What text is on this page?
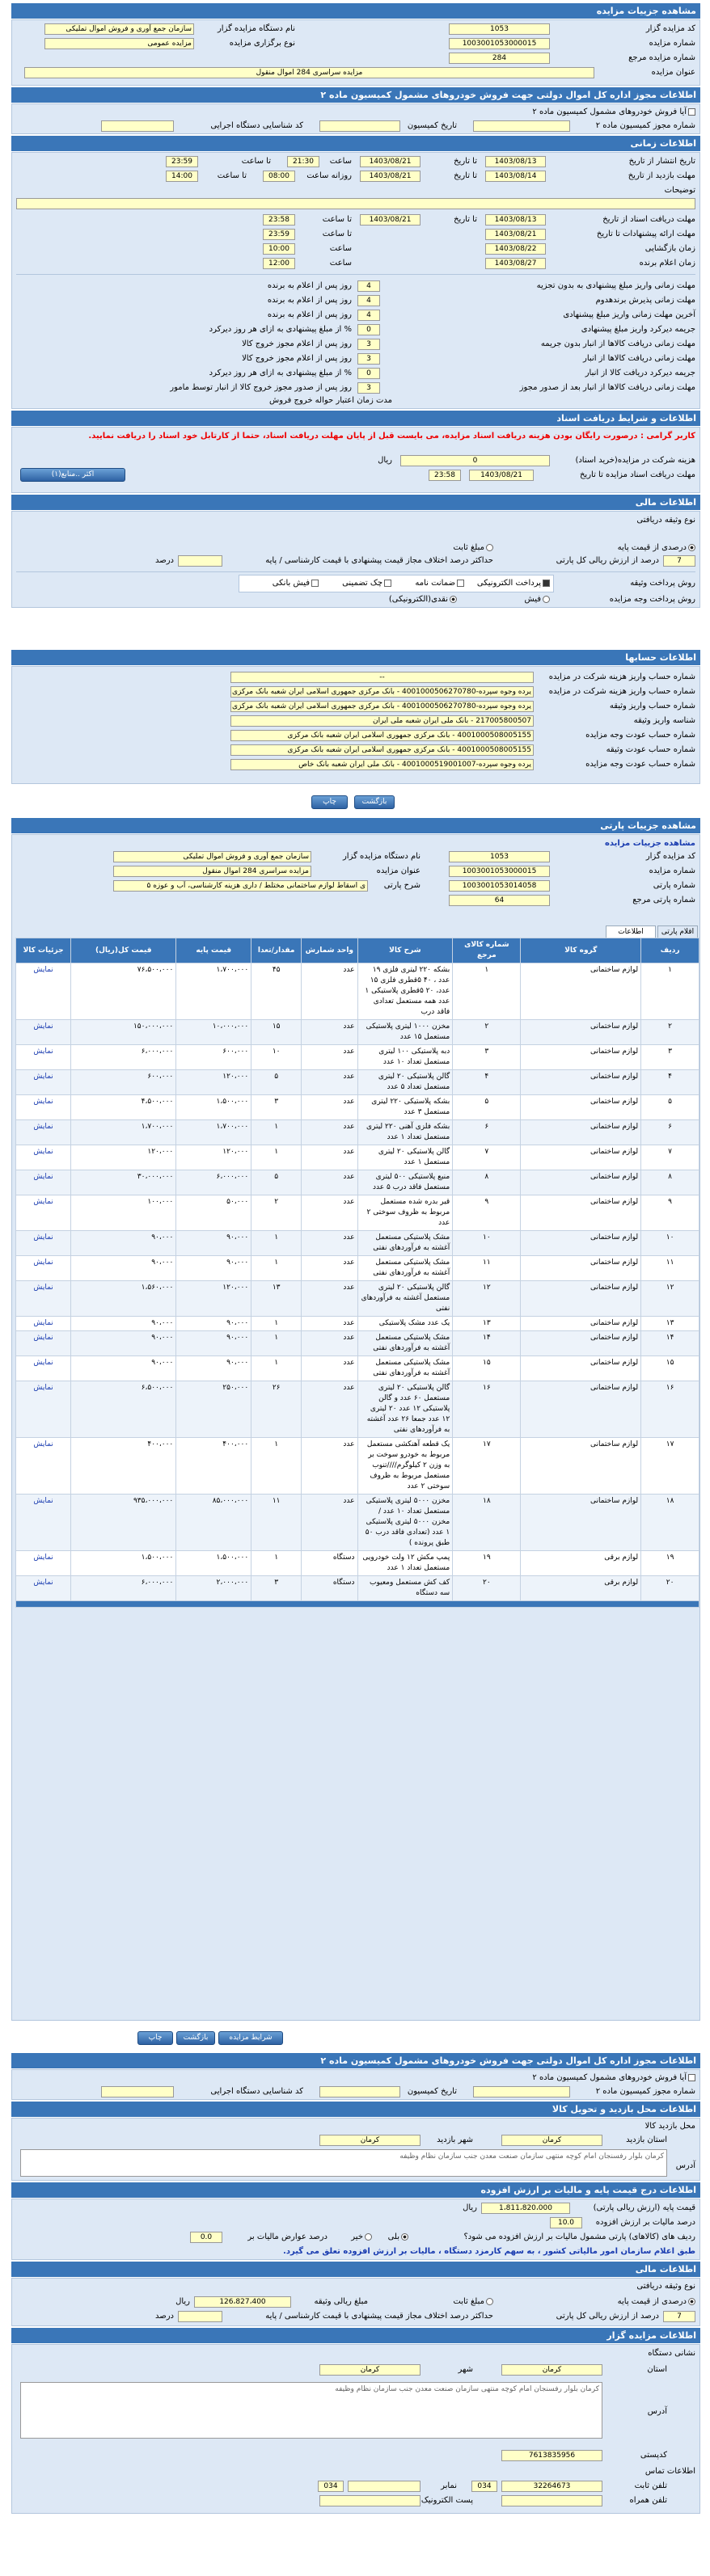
مشاهده جزییات مزایده
کد مزایده گزار
1053
نام دستگاه مزایده گزار
سازمان جمع آوری و فروش اموال تملیکی
شماره مزایده
1003001053000015
نوع برگزاری مزایده
مزایده عمومی
شماره مزایده مرجع
284
عنوان مزایده
مزایده سراسری 284 اموال منقول
اطلاعات مجوز اداره کل اموال دولتی جهت فروش خودروهای مشمول کمیسیون ماده ۲
آیا فروش خودروهای مشمول کمیسیون ماده ۲
شماره مجوز کمیسیون ماده ۲
تاریخ کمیسیون
کد شناسایی دستگاه اجرایی
اطلاعات زمانی
تاریخ انتشار از تاریخ
1403/08/13
تا تاریخ
1403/08/21
ساعت
21:30
تا ساعت
23:59
مهلت بازدید از تاریخ
1403/08/14
تا تاریخ
1403/08/21
روزانه ساعت
08:00
تا ساعت
14:00
توضیحات
مهلت دریافت اسناد از تاریخ
1403/08/13
تا تاریخ
1403/08/21
تا ساعت
23:58
مهلت ارائه پیشنهادات تا تاریخ
1403/08/21
تا ساعت
23:59
زمان بازگشایی
1403/08/22
ساعت
10:00
زمان اعلام برنده
1403/08/27
ساعت
12:00
مهلت زمانی واریز مبلغ پیشنهادی به بدون تجزیه
4
روز پس از اعلام به برنده
مهلت زمانی پذیرش برندهدوم
4
روز پس از اعلام به برنده
آخرین مهلت زمانی واریز مبلغ پیشنهادی
4
روز پس از اعلام به برنده
جریمه دیرکرد واریز مبلغ پیشنهادی
0
% از مبلغ پیشنهادی به ازای هر روز دیرکرد
مهلت زمانی دریافت کالاها از انبار بدون جریمه
3
روز پس از اعلام مجوز خروج کالا
مهلت زمانی دریافت کالاها از انبار
3
روز پس از اعلام مجوز خروج کالا
جریمه دیرکرد دریافت کالا از انبار
0
% از مبلغ پیشنهادی به ازای هر روز دیرکرد
مهلت زمانی دریافت کالاها از انبار بعد از صدور مجوز
3
روز پس از صدور مجوز خروج کالا از انبار توسط مامور
مدت زمان اعتبار حواله خروج فروش
اطلاعات و شرایط دریافت اسناد
کاربر گرامی : درصورت رایگان بودن هزینه دریافت اسناد مزایده، می بایست قبل از پایان مهلت دریافت اسناد، حتما از کارتابل خود اسناد را دریافت نمایید.
هزینه شرکت در مزایده(خرید اسناد)
0
ریال
مهلت دریافت اسناد مزایده تا تاریخ
1403/08/21
23:58
اکثر ..منابع(۱)
اطلاعات مالی
نوع وثیقه دریافتی
درصدی از قیمت پایه
مبلغ ثابت
7
درصد از ارزش ریالی کل پارتی
حداکثر درصد اختلاف مجاز قیمت پیشنهادی با قیمت کارشناسی / پایه
درصد
روش پرداخت وثیقه
پرداخت الکترونیکی
ضمانت نامه
چک تضمینی
فیش بانکی
روش پرداخت وجه مزایده
فیش
نقدی(الکترونیکی)
اطلاعات حسابها
شماره حساب واریز هزینه شرکت در مزایده
--
شماره حساب واریز هزینه شرکت در مزایده
یرده وجوه سپرده-4001000506270780 - بانک مرکزی جمهوری اسلامی ایران شعبه بانک مرکزی
شماره حساب واریز وثیقه
یرده وجوه سپرده-4001000506270780 - بانک مرکزی جمهوری اسلامی ایران شعبه بانک مرکزی
شناسه واریز وثیقه
217005800507 - بانک ملی ایران شعبه ملی ایران
شماره حساب عودت وجه مزایده
4001000508005155 - بانک مرکزی جمهوری اسلامی ایران شعبه بانک مرکزی
شماره حساب عودت وثیقه
4001000508005155 - بانک مرکزی جمهوری اسلامی ایران شعبه بانک مرکزی
شماره حساب عودت وجه مزایده
یرده وجوه سپرده-4001000519001007 - بانک ملی ایران شعبه بانک خاص
بازگشت
چاپ
مشاهده جزییات پارتی
مشاهده جزییات مزایده
کد مزایده گزار
1053
نام دستگاه مزایده گزار
سازمان جمع آوری و فروش اموال تملیکی
شماره مزایده
1003001053000015
عنوان مزایده
مزایده سراسری 284 اموال منقول
شماره پارتی
1003001053014058
شرح پارتی
ی اسقاط لوازم ساختمانی مختلط / داری هزینه کارشناسی، آب و عوزه ۵
شماره پارتی مرجع
64
اقلام پارتی
اطلاعات
ردیف	گروه کالا	شماره کالای مرجع	شرح کالا	واحد شمارش	مقدار/تعدا	قیمت پایه	قیمت کل(ریال)	جزئیات کالا
۱	لوازم ساختمانی	۱	بشکه ۲۲۰ لیتری فلزی ۱۹ عدد ، ۴۰ ۵قطری فلزی ۱۵ عدد، ۲۰ ۵قطری پلاستیکی ۱ عدد همه مستعمل تعدادی فاقد درب	عدد	۴۵	۱،۷۰۰،۰۰۰	۷۶،۵۰۰،۰۰۰	نمایش
۲	لوازم ساختمانی	۲	مخزن ۱۰۰۰ لیتری پلاستیکی مستعمل ۱۵ عدد	عدد	۱۵	۱۰،۰۰۰،۰۰۰	۱۵۰،۰۰۰،۰۰۰	نمایش
۳	لوازم ساختمانی	۳	دبه پلاستیکی ۱۰۰ لیتری مستعمل تعداد ۱۰ عدد	عدد	۱۰	۶۰۰،۰۰۰	۶،۰۰۰،۰۰۰	نمایش
۴	لوازم ساختمانی	۴	گالن پلاستیکی ۲۰ لیتری مستعمل تعداد ۵ عدد	عدد	۵	۱۲۰،۰۰۰	۶۰۰،۰۰۰	نمایش
۵	لوازم ساختمانی	۵	بشکه پلاستیکی ۲۲۰ لیتری مستعمل ۳ عدد	عدد	۳	۱،۵۰۰،۰۰۰	۴،۵۰۰،۰۰۰	نمایش
۶	لوازم ساختمانی	۶	بشکه فلزی آهنی ۲۲۰ لیتری مستعمل تعداد ۱ عدد	عدد	۱	۱،۷۰۰،۰۰۰	۱،۷۰۰،۰۰۰	نمایش
۷	لوازم ساختمانی	۷	گالن پلاستیکی ۲۰ لیتری مستعمل ۱ عدد	عدد	۱	۱۲۰،۰۰۰	۱۲۰،۰۰۰	نمایش
۸	لوازم ساختمانی	۸	منبع پلاستیکی ۵۰۰ لیتری مستعمل فاقد درب ۵ عدد	عدد	۵	۶،۰۰۰،۰۰۰	۳۰،۰۰۰،۰۰۰	نمایش
۹	لوازم ساختمانی	۹	قیر بدره شده مستعمل مربوط به ظروف سوختی ۲ عدد	عدد	۲	۵۰،۰۰۰	۱۰۰،۰۰۰	نمایش
۱۰	لوازم ساختمانی	۱۰	مشک پلاستیکی مستعمل آغشته به فرآوردهای نفتی	عدد	۱	۹۰،۰۰۰	۹۰،۰۰۰	نمایش
۱۱	لوازم ساختمانی	۱۱	مشک پلاستیکی مستعمل آغشته به فرآوردهای نفتی	عدد	۱	۹۰،۰۰۰	۹۰،۰۰۰	نمایش
۱۲	لوازم ساختمانی	۱۲	گالن پلاستیکی ۲۰ لیتری مستعمل آغشته به فرآوردهای نفتی	عدد	۱۳	۱۲۰،۰۰۰	۱،۵۶۰،۰۰۰	نمایش
۱۳	لوازم ساختمانی	۱۳	یک عدد مشک پلاستیکی	عدد	۱	۹۰،۰۰۰	۹۰،۰۰۰	نمایش
۱۴	لوازم ساختمانی	۱۴	مشک پلاستیکی مستعمل آغشته به فرآوردهای نفتی	عدد	۱	۹۰،۰۰۰	۹۰،۰۰۰	نمایش
۱۵	لوازم ساختمانی	۱۵	مشک پلاستیکی مستعمل آغشته به فرآوردهای نفتی	عدد	۱	۹۰،۰۰۰	۹۰،۰۰۰	نمایش
۱۶	لوازم ساختمانی	۱۶	گالن پلاستیکی ۲۰ لیتری مستعمل ۶۰ عدد و گالن پلاستیکی ۱۲ عدد ۲۰ لیتری ۱۲ عدد جمعا ۲۶ عدد آغشته به فرآوردهای نفتی	عدد	۲۶	۲۵۰،۰۰۰	۶،۵۰۰،۰۰۰	نمایش
۱۷	لوازم ساختمانی	۱۷	یک قطعه آهنکشی مستعمل مربوط به خودرو سوخت بر به وزن ۲ کیلوگرم////تنوب مستعمل مربوط به ظروف سوختی ۲ عدد	عدد	۱	۴۰۰،۰۰۰	۴۰۰،۰۰۰	نمایش
۱۸	لوازم ساختمانی	۱۸	مخزن ۵۰۰۰ لیتری پلاستیکی مستعمل تعداد ۱۰ عدد / مخزن ۵۰۰۰ لیتری پلاستیکی ۱ عدد (تعدادی فاقد درب ۵۰ طبق پرونده )	عدد	۱۱	۸۵،۰۰۰،۰۰۰	۹۳۵،۰۰۰،۰۰۰	نمایش
۱۹	لوازم برقی	۱۹	پمپ مکش ۱۲ ولت خودرویی مستعمل تعداد ۱ عدد	دستگاه	۱	۱،۵۰۰،۰۰۰	۱،۵۰۰،۰۰۰	نمایش
۲۰	لوازم برقی	۲۰	کف کش مستعمل ومعیوب سه دستگاه	دستگاه	۳	۲،۰۰۰،۰۰۰	۶،۰۰۰،۰۰۰	نمایش

شرایط مزایده
بازگشت
چاپ
اطلاعات مجوز اداره کل اموال دولتی جهت فروش خودروهای مشمول کمیسیون ماده ۲
آیا فروش خودروهای مشمول کمیسیون ماده ۲
شماره مجوز کمیسیون ماده ۲
تاریخ کمیسیون
کد شناسایی دستگاه اجرایی
اطلاعات محل بازدید و تحویل کالا
محل بازدید کالا
استان بازدید
کرمان
شهر بازدید
کرمان
آدرس
کرمان بلوار رفسنجان امام کوچه منتهی سازمان صنعت معدن جنب سازمان نظام وظیفه
اطلاعات درج قیمت پایه و مالیات بر ارزش افزوده
قیمت پایه (ارزش ریالی پارتی)
1،811،820،000
ریال
درصد مالیات بر ارزش افزوده
10.0
ردیف های (کالاهای) پارتی مشمول مالیات بر ارزش افزوده می شود؟
بلی
خیر
درصد عوارض مالیات بر
0.0
طبق اعلام سازمان امور مالیاتی کشور ، به سهم کارمزد دستگاه ، مالیات بر ارزش افزوده تعلق می گیرد.
اطلاعات مالی
نوع وثیقه دریافتی
درصدی از قیمت پایه
مبلغ ثابت
مبلغ ریالی وثیقه
126،827،400
ریال
7
درصد از ارزش ریالی کل پارتی
حداکثر درصد اختلاف مجاز قیمت پیشنهادی با قیمت کارشناسی / پایه
درصد
اطلاعات مزایده گزار
نشانی دستگاه
استان
کرمان
شهر
کرمان
آدرس
کرمان بلوار رفسنجان امام کوچه منتهی سازمان صنعت معدن جنب سازمان نظام وظیفه
کدپستی
7613835956
اطلاعات تماس
تلفن ثابت
32264673
034
نمابر
034
تلفن همراه
پست الکترونیک
